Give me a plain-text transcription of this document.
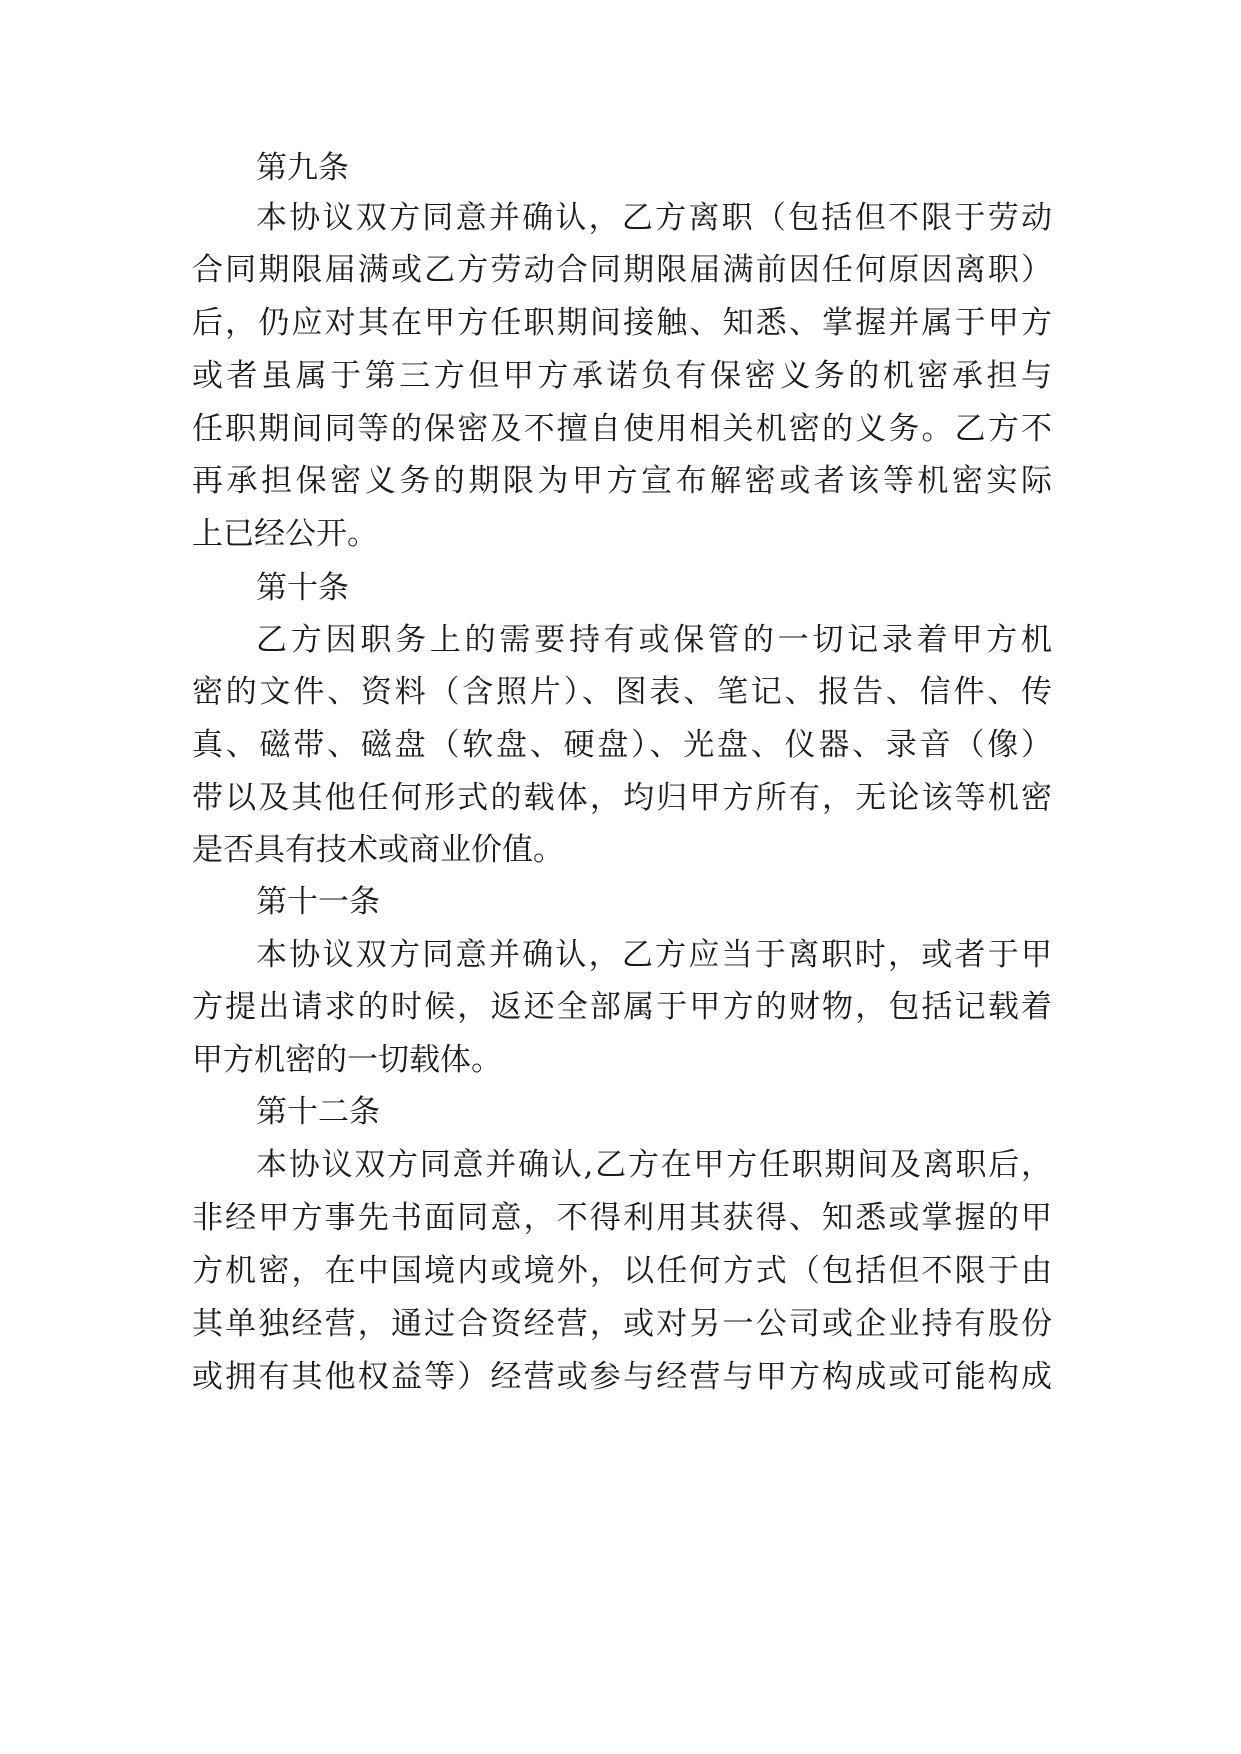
第九条
本协议双方同意并确认，乙方离职（包括但不限于劳动
合同期限届满或乙方劳动合同期限届满前因任何原因离职）
后，仍应对其在甲方任职期间接触、知悉、掌握并属于甲方
或者虽属于第三方但甲方承诺负有保密义务的机密承担与
任职期间同等的保密及不擅自使用相关机密的义务。乙方不
再承担保密义务的期限为甲方宣布解密或者该等机密实际
上已经公开。
第十条
乙方因职务上的需要持有或保管的一切记录着甲方机
密的文件、资料（含照片）、图表、笔记、报告、信件、传
真、磁带、磁盘（软盘、硬盘）、光盘、仪器、录音（像）
带以及其他任何形式的载体，均归甲方所有，无论该等机密
是否具有技术或商业价值。
第十一条
本协议双方同意并确认，乙方应当于离职时，或者于甲
方提出请求的时候，返还全部属于甲方的财物，包括记载着
甲方机密的一切载体。
第十二条
本协议双方同意并确认,乙方在甲方任职期间及离职后，
非经甲方事先书面同意，不得利用其获得、知悉或掌握的甲
方机密，在中国境内或境外，以任何方式（包括但不限于由
其单独经营，通过合资经营，或对另一公司或企业持有股份
或拥有其他权益等）经营或参与经营与甲方构成或可能构成
